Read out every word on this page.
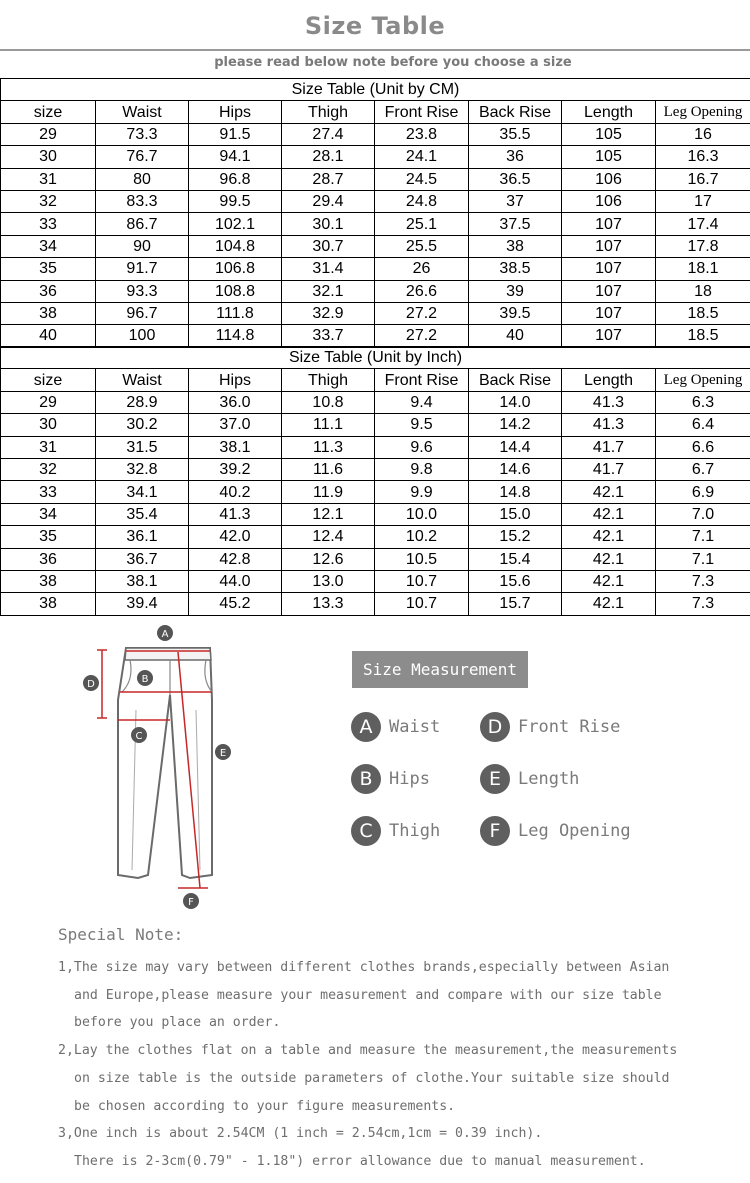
Size Table
please read below note before you choose a size
Size Table (Unit by CM)							
size	Waist	Hips	Thigh	Front Rise	Back Rise	Length	Leg Opening
29	73.3	91.5	27.4	23.8	35.5	105	16
30	76.7	94.1	28.1	24.1	36	105	16.3
31	80	96.8	28.7	24.5	36.5	106	16.7
32	83.3	99.5	29.4	24.8	37	106	17
33	86.7	102.1	30.1	25.1	37.5	107	17.4
34	90	104.8	30.7	25.5	38	107	17.8
35	91.7	106.8	31.4	26	38.5	107	18.1
36	93.3	108.8	32.1	26.6	39	107	18
38	96.7	111.8	32.9	27.2	39.5	107	18.5
40	100	114.8	33.7	27.2	40	107	18.5
Size Table (Unit by Inch)							
size	Waist	Hips	Thigh	Front Rise	Back Rise	Length	Leg Opening
29	28.9	36.0	10.8	9.4	14.0	41.3	6.3
30	30.2	37.0	11.1	9.5	14.2	41.3	6.4
31	31.5	38.1	11.3	9.6	14.4	41.7	6.6
32	32.8	39.2	11.6	9.8	14.6	41.7	6.7
33	34.1	40.2	11.9	9.9	14.8	42.1	6.9
34	35.4	41.3	12.1	10.0	15.0	42.1	7.0
35	36.1	42.0	12.4	10.2	15.2	42.1	7.1
36	36.7	42.8	12.6	10.5	15.4	42.1	7.1
38	38.1	44.0	13.0	10.7	15.6	42.1	7.3
38	39.4	45.2	13.3	10.7	15.7	42.1	7.3
A
B
C
D
E
F
Size Measurement
A Waist
B Hips
C Thigh
D Front Rise
E	Length
F	Leg Opening
Special Note:
1,The size may vary between different clothes brands,especially between Asian
and Europe,please measure your measurement and compare with our size table
before you place an order.
2,Lay the clothes flat on a table and measure the measurement,the measurements
on size table is the outside parameters of clothe.Your suitable size should
be chosen according to your figure measurements.
3,One inch is about 2.54CM (1 inch = 2.54cm,1cm = 0.39 inch).
There is 2-3cm(0.79" - 1.18") error allowance due to manual measurement.
